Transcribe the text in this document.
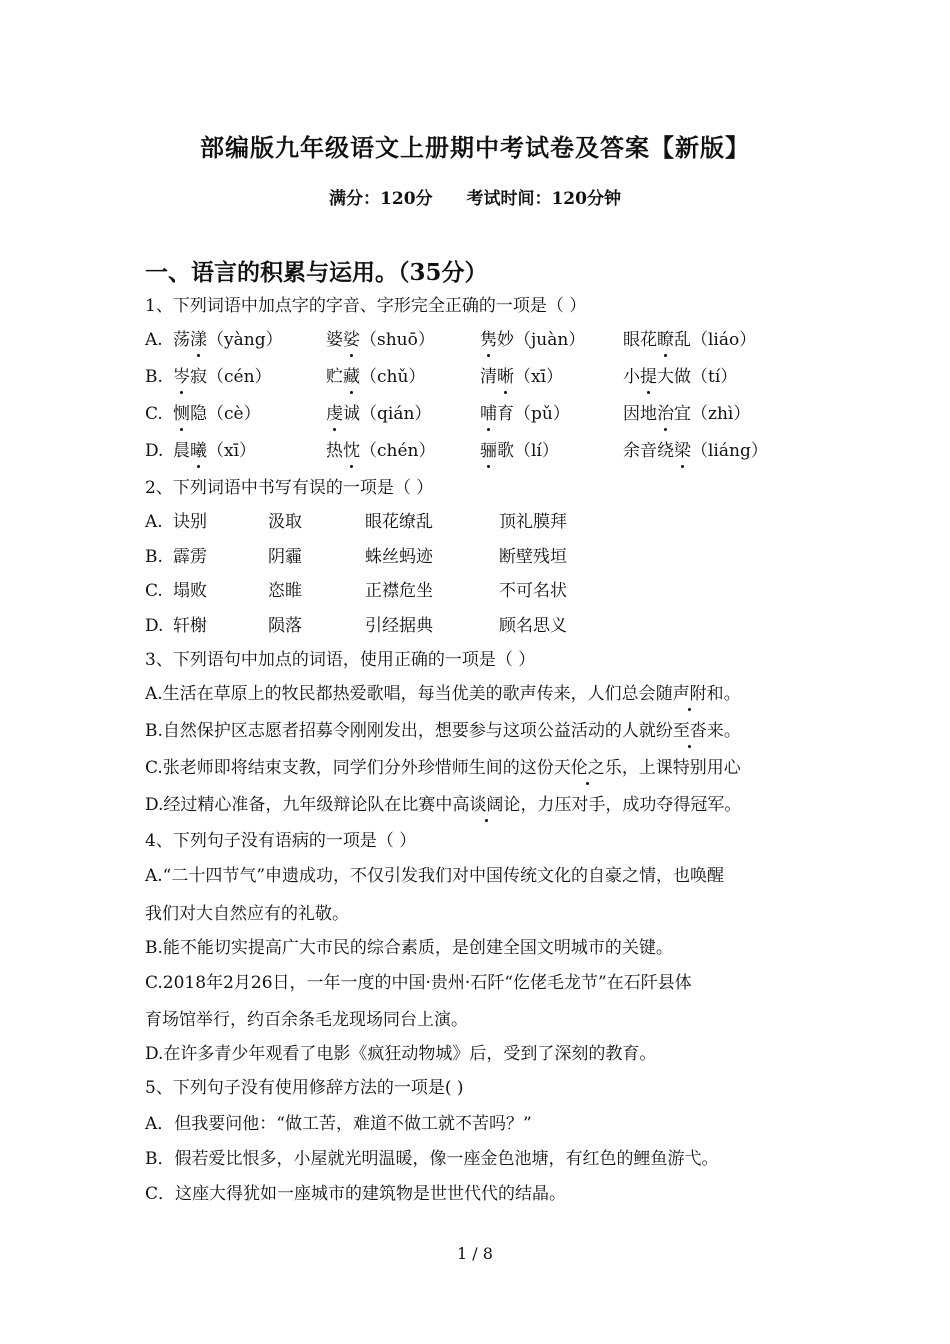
部编版九年级语文上册期中考试卷及答案【新版】
满分：120分 考试时间：120分钟
一、语言的积累与运用。（35分）
1、下列词语中加点字的字音、字形完全正确的一项是（ ）
A. 荡漾（yàng）	婆娑（shuō）	隽妙（juàn） 眼花瞭乱（liáo）
B. 岑寂（cén）	贮藏（chǔ）	清晰（xī）	小提大做（tí）
C. 恻隐（cè）	虔诚（qián）	哺育（pǔ）	因地治宜（zhì）
D. 晨曦（xī）	热忱（chén）	骊歌（lí）	余音绕梁（liáng）
2、下列词语中书写有误的一项是（ ）
A. 诀别	汲取	眼花缭乱	顶礼膜拜
B. 霹雳	阴霾	蛛丝蚂迹	断壁残垣
C. 塌败	恣睢	正襟危坐	不可名状
D. 轩榭	陨落	引经据典	顾名思义
3、下列语句中加点的词语，使用正确的一项是（ ）
A.生活在草原上的牧民都热爱歌唱，每当优美的歌声传来，人们总会随声附和。
B.自然保护区志愿者招募令刚刚发出，想要参与这项公益活动的人就纷至沓来。
C.张老师即将结束支教，同学们分外珍惜师生间的这份天伦之乐，上课特别用心
D.经过精心准备，九年级辩论队在比赛中高谈阔论，力压对手，成功夺得冠军。
4、下列句子没有语病的一项是（ ）
A.“二十四节气”申遗成功，不仅引发我们对中国传统文化的自豪之情，也唤醒
我们对大自然应有的礼敬。
B.能不能切实提高广大市民的综合素质，是创建全国文明城市的关键。
C.2018年2月26日，一年一度的中国·贵州·石阡“仡佬毛龙节”在石阡县体
育场馆举行，约百余条毛龙现场同台上演。
D.在许多青少年观看了电影《疯狂动物城》后，受到了深刻的教育。
5、下列句子没有使用修辞方法的一项是( )
A．但我要问他：“做工苦，难道不做工就不苦吗？”
B．假若爱比恨多，小屋就光明温暖，像一座金色池塘，有红色的鲤鱼游弋。
C．这座大得犹如一座城市的建筑物是世世代代的结晶。
1 / 8
